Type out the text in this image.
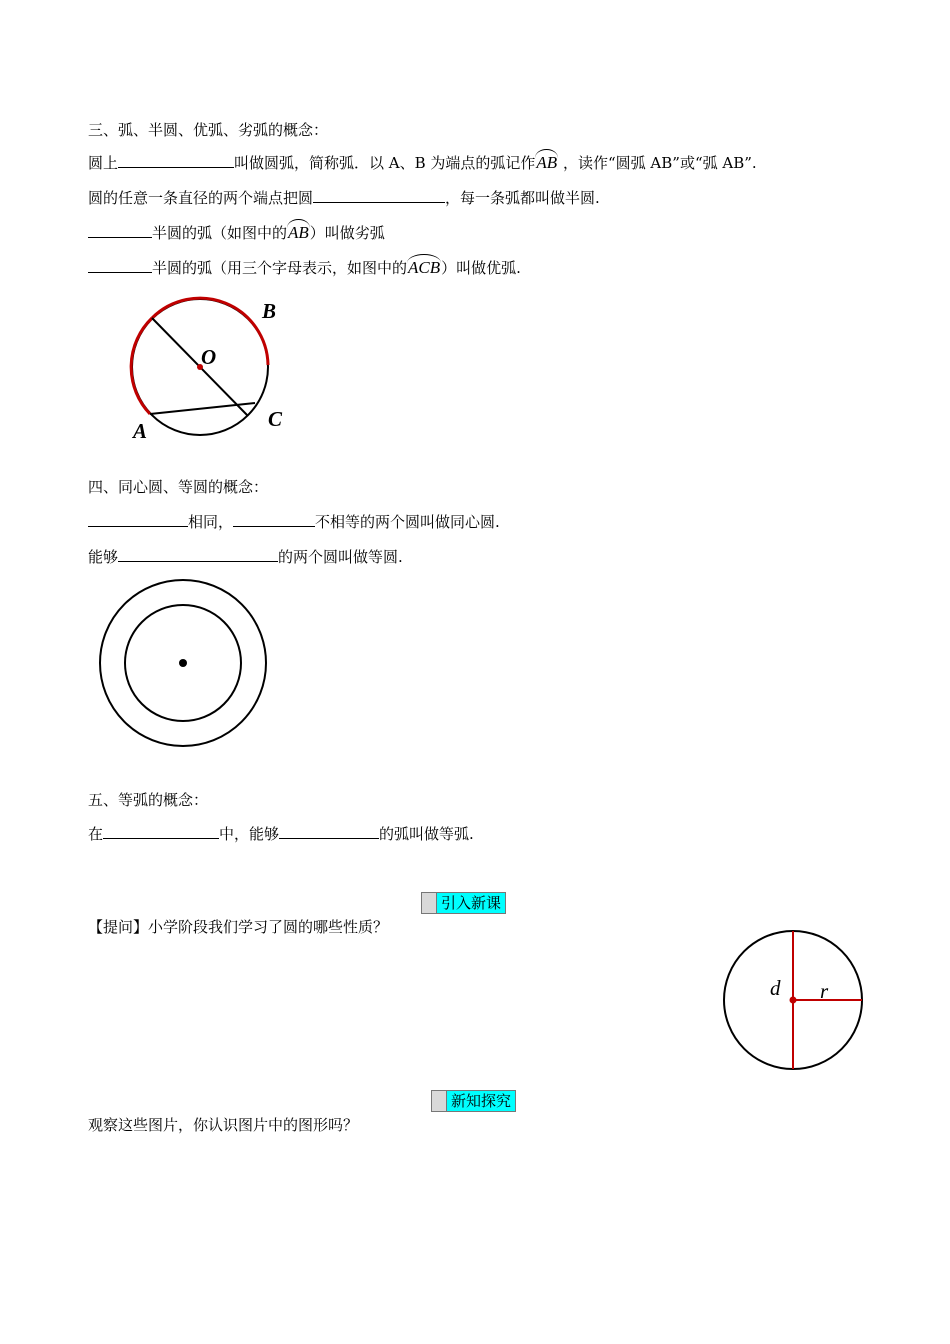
三、弧、半圆、优弧、劣弧的概念：
圆上	叫做圆弧，简称弧．以 A、B 为端点的弧记作AB ，读作“圆弧 AB”或“弧 AB”.
圆的任意一条直径的两个端点把圆	，每一条弧都叫做半圆.
半圆的弧（如图中的AB）叫做劣弧
半圆的弧（用三个字母表示，如图中的ACB）叫做优弧.
B
O
A	C
四、同心圆、等圆的概念：
相同，	不相等的两个圆叫做同心圆.
能够	的两个圆叫做等圆.
五、等弧的概念：
在	中，能够	的弧叫做等弧.
引入新课
【提问】小学阶段我们学习了圆的哪些性质？
d r
新知探究
观察这些图片，你认识图片中的图形吗？
